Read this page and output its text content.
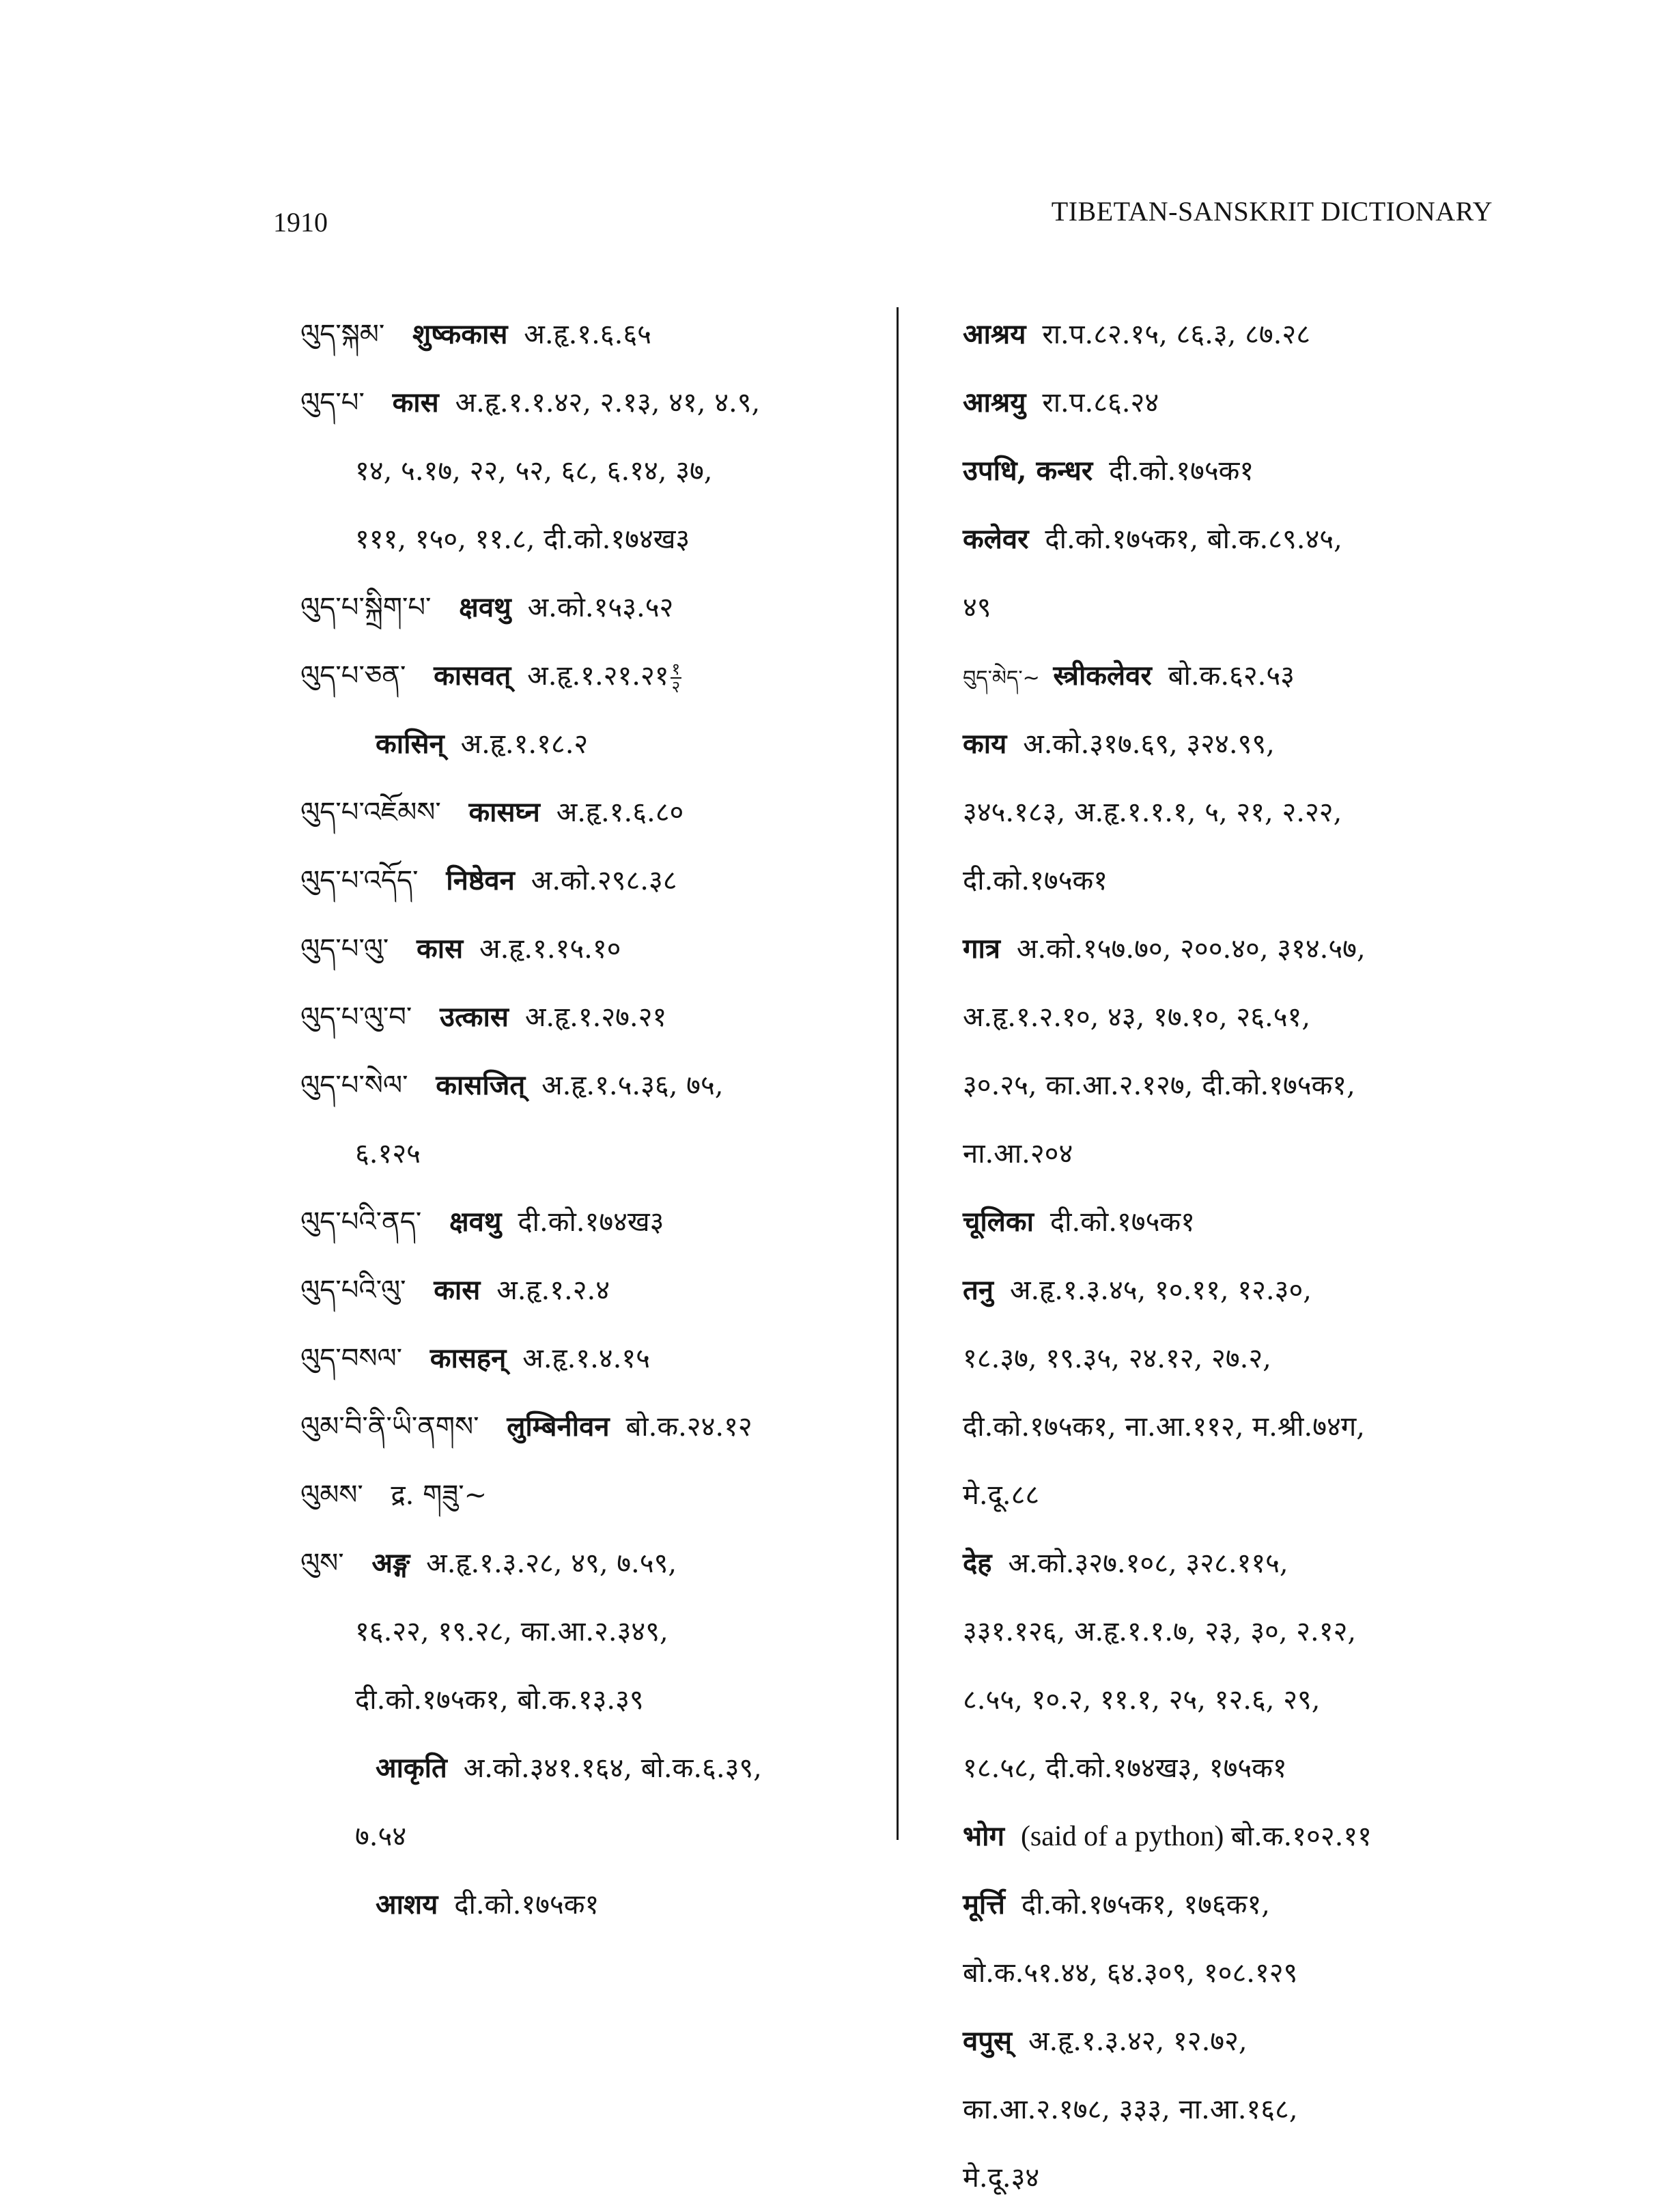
1910	TIBETAN-SANSKRIT DICTIONARY
ལུད་སྐམ་ शुष्ककास अ.हृ.१.६.६५
ལུད་པ་ कास अ.हृ.१.१.४२, २.१३, ४१, ४.९,
१४, ५.१७, २२, ५२, ६८, ६.१४, ३७,
१११, १५०, ११.८, दी.को.१७४ख३
ལུད་པ་སྐྲིག་པ་ क्षवथु अ.को.१५३.५२
ལུད་པ་ཅན་ कासवत् अ.हृ.१.२१.२१ $\frac{१}{२}$
कासिन् अ.हृ.१.१८.२
ལུད་པ་འཇོམས་ कासघ्न अ.हृ.१.६.८०
ལུད་པ་འདོད་ निष्ठेवन अ.को.२९८.३८
ལུད་པ་ལུ་ कास अ.हृ.१.१५.१०
ལུད་པ་ལུ་བ་ उत्कास अ.हृ.१.२७.२१
ལུད་པ་སེལ་ कासजित् अ.हृ.१.५.३६, ७५,
६.१२५
ལུད་པའི་ནད་ क्षवथु दी.को.१७४ख३
ལུད་པའི་ལུ་ कास अ.हृ.१.२.४
ལུད་བསལ་ कासहन् अ.हृ.१.४.१५
ལུམ་བི་ནི་ཡི་ནགས་ लुम्बिनीवन बो.क.२४.१२
ལུམས་ द्र. གཟུ་~
ལུས་ अङ्ग अ.हृ.१.३.२८, ४९, ७.५९,
१६.२२, १९.२८, का.आ.२.३४९,
दी.को.१७५क१, बो.क.१३.३९
आकृति अ.को.३४१.१६४, बो.क.६.३९,
७.५४
आशय दी.को.१७५क१
आश्रय रा.प.८२.१५, ८६.३, ८७.२८
आश्रयु रा.प.८६.२४
उपधि, कन्धर दी.को.१७५क१
कलेवर दी.को.१७५क१, बो.क.८९.४५,
४९
བུད་མེད་~ स्त्रीकलेवर बो.क.६२.५३
काय अ.को.३१७.६९, ३२४.९९,
३४५.१८३, अ.हृ.१.१.१, ५, २१, २.२२,
दी.को.१७५क१
गात्र अ.को.१५७.७०, २००.४०, ३१४.५७,
अ.हृ.१.२.१०, ४३, १७.१०, २६.५१,
३०.२५, का.आ.२.१२७, दी.को.१७५क१,
ना.आ.२०४
चूलिका दी.को.१७५क१
तनु अ.हृ.१.३.४५, १०.११, १२.३०,
१८.३७, १९.३५, २४.१२, २७.२,
दी.को.१७५क१, ना.आ.११२, म.श्री.७४ग,
मे.दू.८८
देह अ.को.३२७.१०८, ३२८.११५,
३३१.१२६, अ.हृ.१.१.७, २३, ३०, २.१२,
८.५५, १०.२, ११.१, २५, १२.६, २९,
१८.५८, दी.को.१७४ख३, १७५क१
भोग (said of a python) बो.क.१०२.११
मूर्त्ति दी.को.१७५क१, १७६क१,
बो.क.५१.४४, ६४.३०९, १०८.१२९
वपुस् अ.हृ.१.३.४२, १२.७२,
का.आ.२.१७८, ३३३, ना.आ.१६८,
मे.दू.३४
